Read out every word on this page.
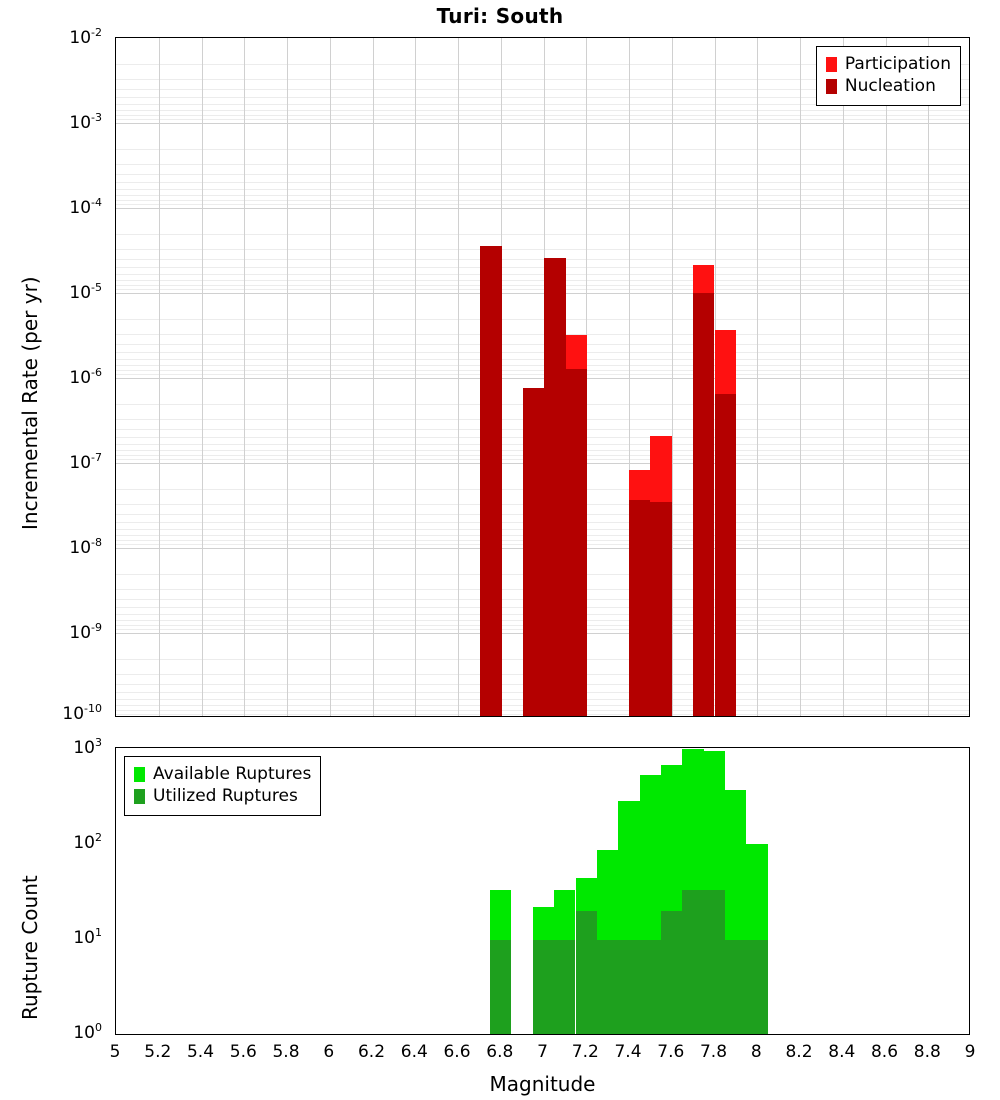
Turi: South
Incremental Rate (per yr)
$10^{-2}$
$10^{-3}$
$10^{-4}$
$10^{-5}$
$10^{-6}$
$10^{-7}$
$10^{-8}$
$10^{-9}$
$10^{-10}$
Participation
Nucleation
Rupture Count
$10^3$
$10^2$
$10^1$
$10^0$
Available Ruptures
Utilized Ruptures
5 5.2 5.4 5.6 5.8 6 6.2 6.4 6.6 6.8 7 7.2 7.4 7.6 7.8 8 8.2 8.4 8.6 8.8 9
Magnitude
